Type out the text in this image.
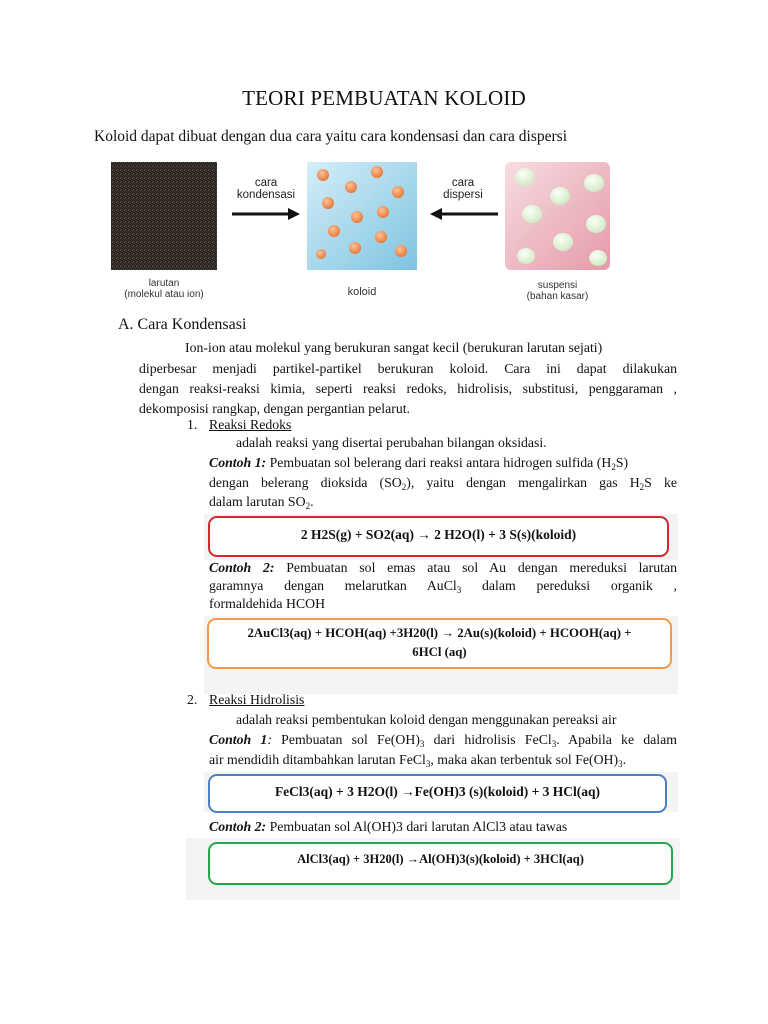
TEORI PEMBUATAN KOLOID
Koloid dapat dibuat dengan dua cara yaitu cara kondensasi dan cara dispersi
cara
kondensasi
cara
dispersi
larutan
(molekul atau ion)	koloid
suspensi
(bahan kasar)
A. Cara Kondensasi
Ion-ion atau molekul yang berukuran sangat kecil (berukuran larutan sejati)
diperbesar menjadi partikel-partikel berukuran koloid. Cara ini dapat dilakukan
dengan reaksi-reaksi kimia, seperti reaksi redoks, hidrolisis, substitusi, penggaraman ,
dekomposisi rangkap, dengan pergantian pelarut.
1. Reaksi Redoks
adalah reaksi yang disertai perubahan bilangan oksidasi.
Contoh 1: Pembuatan sol belerang dari reaksi antara hidrogen sulfida $(H_2S)$
dengan belerang dioksida $(SO_2)$, yaitu dengan mengalirkan gas $H_2S$ ke
dalam larutan $SO_2$.
2 H2S(g) + SO2(aq) → 2 H2O(l) + 3 S(s)(koloid)
Contoh 2: Pembuatan sol emas atau sol Au dengan mereduksi larutan
garamnya dengan melarutkan AuCl$_3$ dalam pereduksi organik ,
formaldehida HCOH
2AuCl3(aq) + HCOH(aq) +3H20(l) → 2Au(s)(koloid) + HCOOH(aq) +
6HCl (aq)
2. Reaksi Hidrolisis
adalah reaksi pembentukan koloid dengan menggunakan pereaksi air
Contoh 1: Pembuatan sol $Fe(OH)_3$ dari hidrolisis FeCl$_3$. Apabila ke dalam
air mendidih ditambahkan larutan FeCl$_3$, maka akan terbentuk sol $Fe(OH)_3$.
FeCl3(aq) + 3 H2O(l) →Fe(OH)3 (s)(koloid) + 3 HCl(aq)
Contoh 2: Pembuatan sol Al(OH)3 dari larutan AlCl3 atau tawas
AlCl3(aq) + 3H20(l) →Al(OH)3(s)(koloid) + 3HCl(aq)
